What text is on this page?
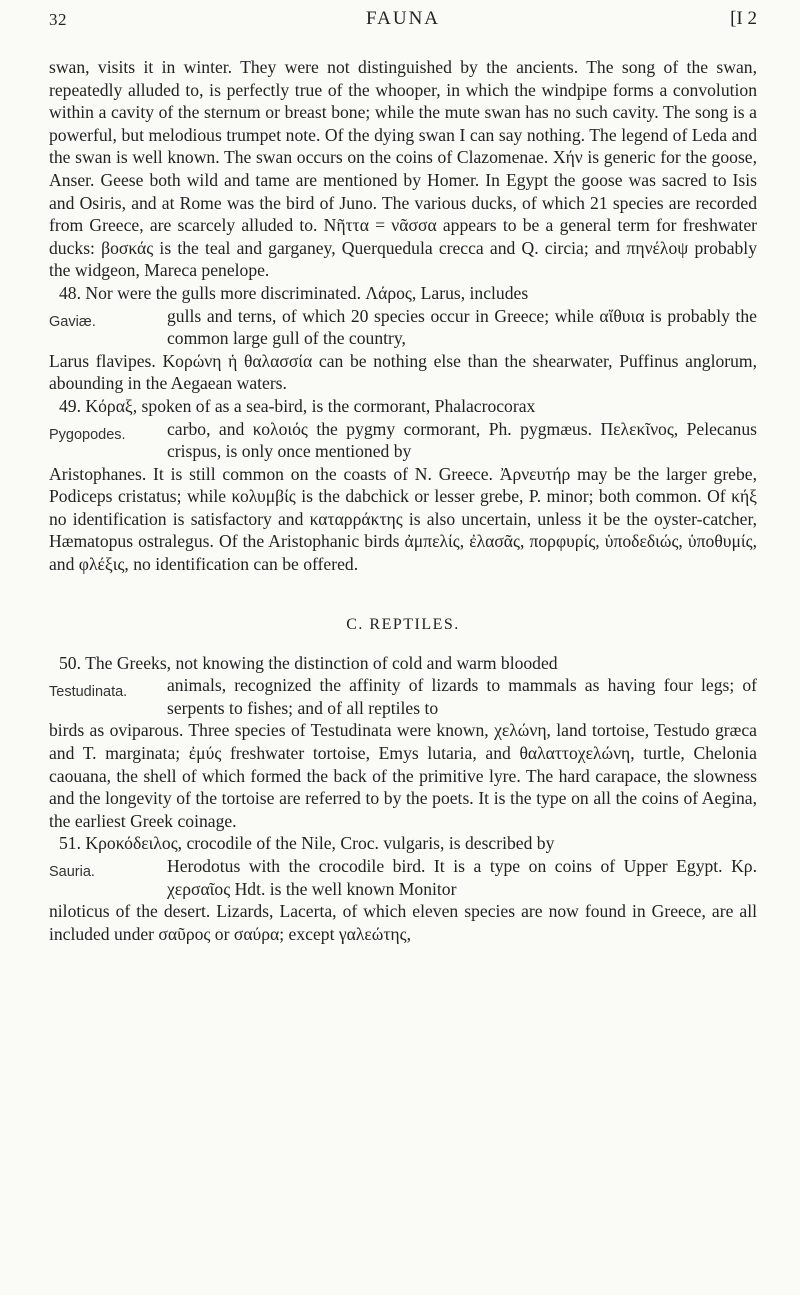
32	FAUNA	[I 2

swan, visits it in winter. They were not distinguished by the ancients. The song of the swan, repeatedly alluded to, is perfectly true of the whooper, in which the windpipe forms a convolution within a cavity of the sternum or breast bone; while the mute swan has no such cavity. The song is a powerful, but melodious trumpet note. Of the dying swan I can say nothing. The legend of Leda and the swan is well known. The swan occurs on the coins of Clazomenae. Χήν is generic for the goose, Anser. Geese both wild and tame are mentioned by Homer. In Egypt the goose was sacred to Isis and Osiris, and at Rome was the bird of Juno. The various ducks, of which 21 species are recorded from Greece, are scarcely alluded to. Νῆττα = νᾶσσα appears to be a general term for freshwater ducks: βοσκάς is the teal and garganey, Querquedula crecca and Q. circia; and πηνέλοψ probably the widgeon, Mareca penelope.

48. Nor were the gulls more discriminated. Λάρος, Larus, includes

Gaviæ.	gulls and terns, of which 20 species occur in Greece; while αἴθυια is probably the common large gull of the country,

Larus flavipes. Κορώνη ἡ θαλασσία can be nothing else than the shearwater, Puffinus anglorum, abounding in the Aegaean waters.

49. Κόραξ, spoken of as a sea-bird, is the cormorant, Phalacrocorax

Pygopodes.	carbo, and κολοιός the pygmy cormorant, Ph. pygmæus. Πελεκῖνος, Pelecanus crispus, is only once mentioned by

Aristophanes. It is still common on the coasts of N. Greece. Ἀρνευτήρ may be the larger grebe, Podiceps cristatus; while κολυμβίς is the dabchick or lesser grebe, P. minor; both common. Of κήξ no identification is satisfactory and καταρράκτης is also uncertain, unless it be the oyster-catcher, Hæmatopus ostralegus. Of the Aristophanic birds ἀμπελίς, ἐλασᾶς, πορφυρίς, ὑποδεδιώς, ὑποθυμίς, and φλέξις, no identification can be offered.

C. REPTILES.

50. The Greeks, not knowing the distinction of cold and warm blooded

Testudinata.	animals, recognized the affinity of lizards to mammals as having four legs; of serpents to fishes; and of all reptiles to

birds as oviparous. Three species of Testudinata were known, χελώνη, land tortoise, Testudo græca and T. marginata; ἐμύς freshwater tortoise, Emys lutaria, and θαλαττοχελώνη, turtle, Chelonia caouana, the shell of which formed the back of the primitive lyre. The hard carapace, the slowness and the longevity of the tortoise are referred to by the poets. It is the type on all the coins of Aegina, the earliest Greek coinage.

51. Κροκόδειλος, crocodile of the Nile, Croc. vulgaris, is described by

Sauria.	Herodotus with the crocodile bird. It is a type on coins of Upper Egypt. Κρ. χερσαῖος Hdt. is the well known Monitor

niloticus of the desert. Lizards, Lacerta, of which eleven species are now found in Greece, are all included under σαῦρος or σαύρα; except γαλεώτης,
